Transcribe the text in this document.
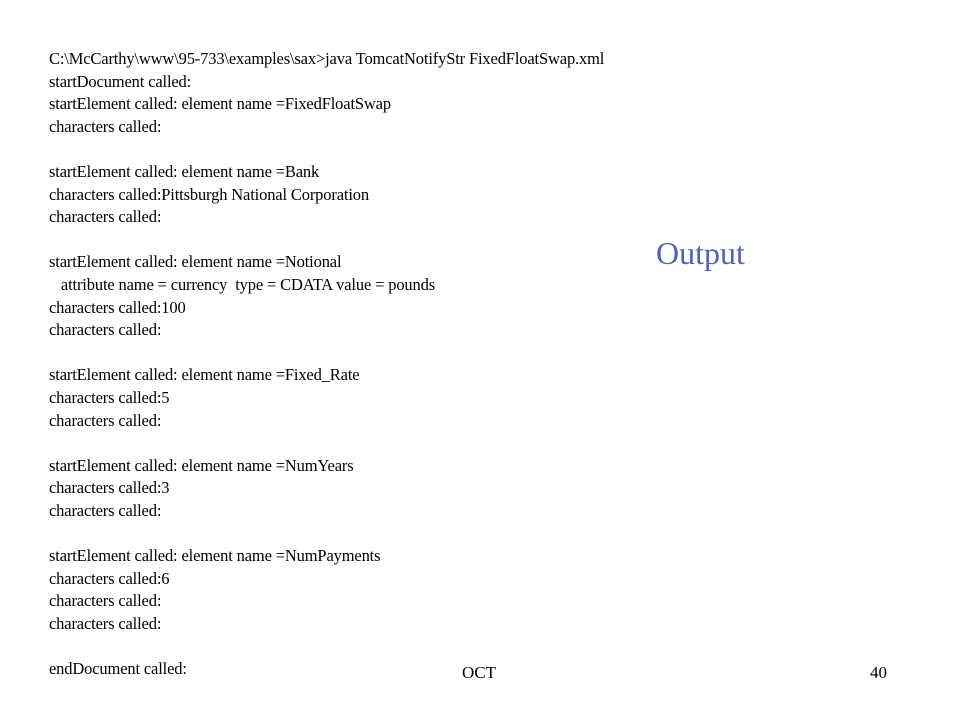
C:\McCarthy\www\95-733\examples\sax>java TomcatNotifyStr FixedFloatSwap.xml
startDocument called:
startElement called: element name =FixedFloatSwap
characters called:
startElement called: element name =Bank
characters called:Pittsburgh National Corporation
characters called:
startElement called: element name =Notional
attribute name = currency  type = CDATA value = pounds
characters called:100
characters called:
startElement called: element name =Fixed_Rate
characters called:5
characters called:
startElement called: element name =NumYears
characters called:3
characters called:
startElement called: element name =NumPayments
characters called:6
characters called:
characters called:
endDocument called:
Output
OCT	40
